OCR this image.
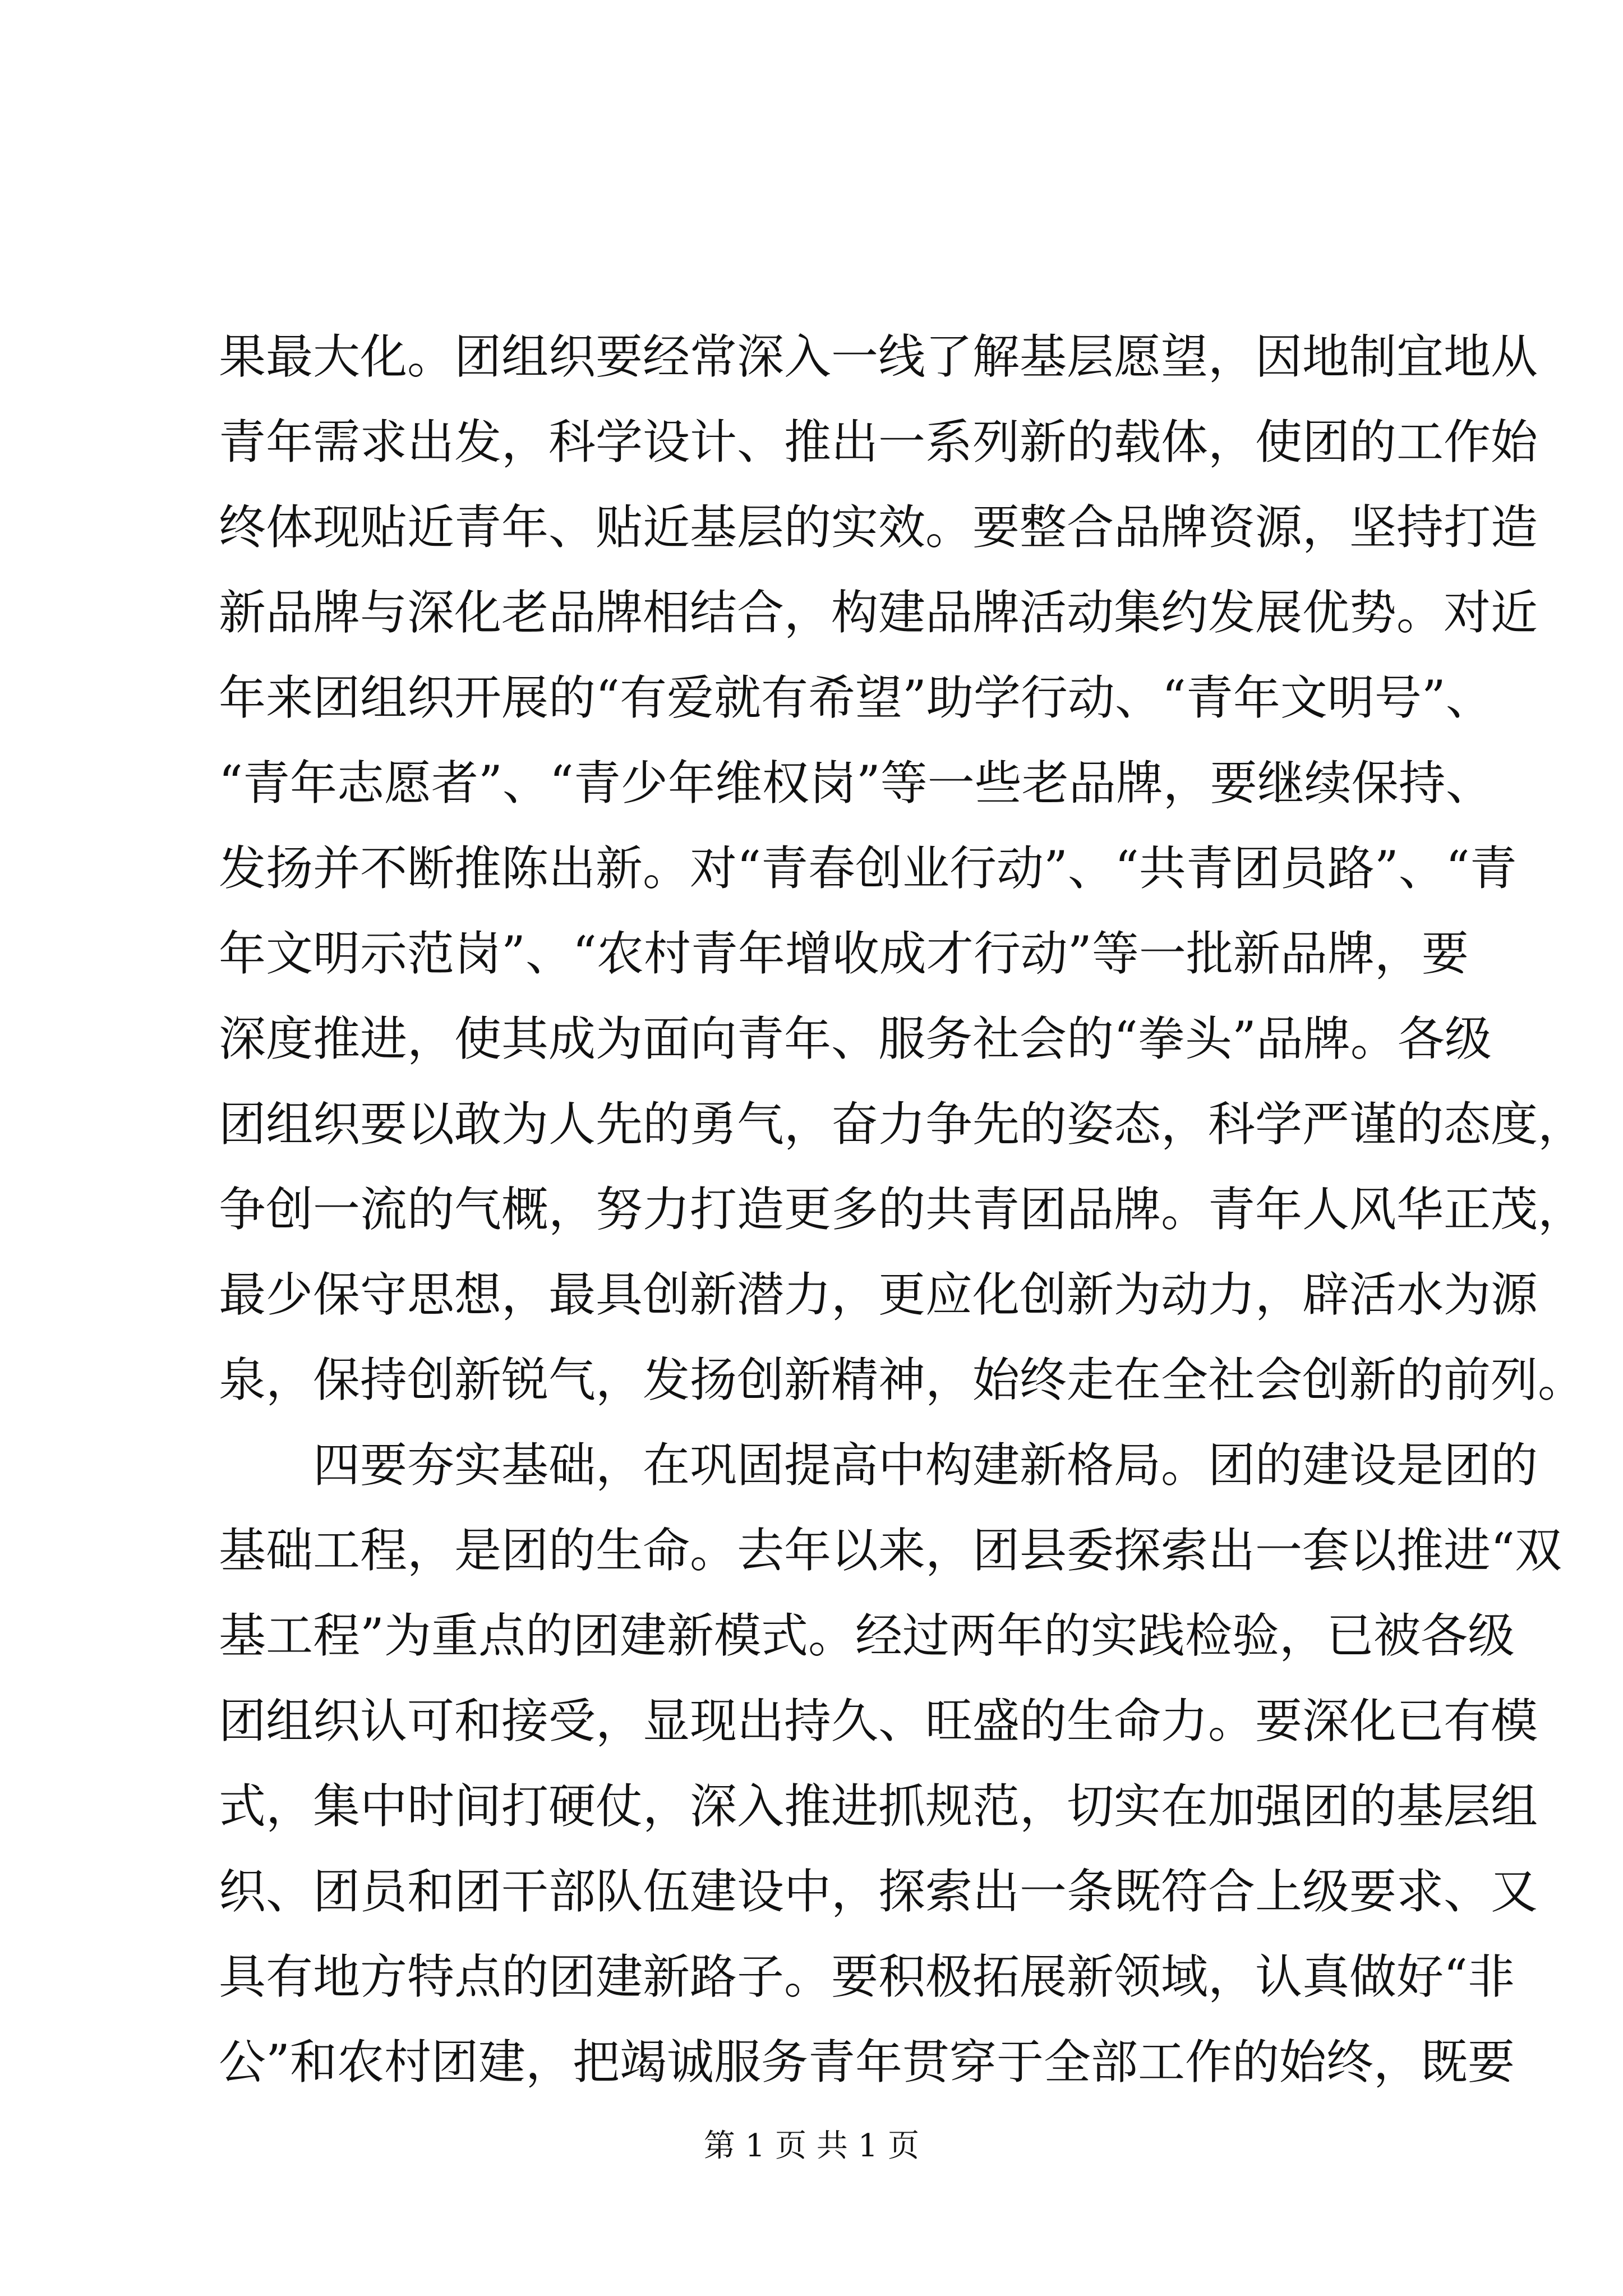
果最大化。团组织要经常深入一线了解基层愿望，因地制宜地从
青年需求出发，科学设计、推出一系列新的载体，使团的工作始
终体现贴近青年、贴近基层的实效。要整合品牌资源，坚持打造
新品牌与深化老品牌相结合，构建品牌活动集约发展优势。对近
年来团组织开展的“有爱就有希望”助学行动、“青年文明号”、
“青年志愿者”、“青少年维权岗”等一些老品牌，要继续保持、
发扬并不断推陈出新。对“青春创业行动”、“共青团员路”、“青
年文明示范岗”、“农村青年增收成才行动”等一批新品牌，要
深度推进，使其成为面向青年、服务社会的“拳头”品牌。各级
团组织要以敢为人先的勇气，奋力争先的姿态，科学严谨的态度，
争创一流的气概，努力打造更多的共青团品牌。青年人风华正茂，
最少保守思想，最具创新潜力，更应化创新为动力，辟活水为源
泉，保持创新锐气，发扬创新精神，始终走在全社会创新的前列。
四要夯实基础，在巩固提高中构建新格局。团的建设是团的
基础工程，是团的生命。去年以来，团县委探索出一套以推进“双
基工程”为重点的团建新模式。经过两年的实践检验，已被各级
团组织认可和接受，显现出持久、旺盛的生命力。要深化已有模
式，集中时间打硬仗，深入推进抓规范，切实在加强团的基层组
织、团员和团干部队伍建设中，探索出一条既符合上级要求、又
具有地方特点的团建新路子。要积极拓展新领域，认真做好“非
公”和农村团建，把竭诚服务青年贯穿于全部工作的始终，既要
第 1 页 共 1 页
